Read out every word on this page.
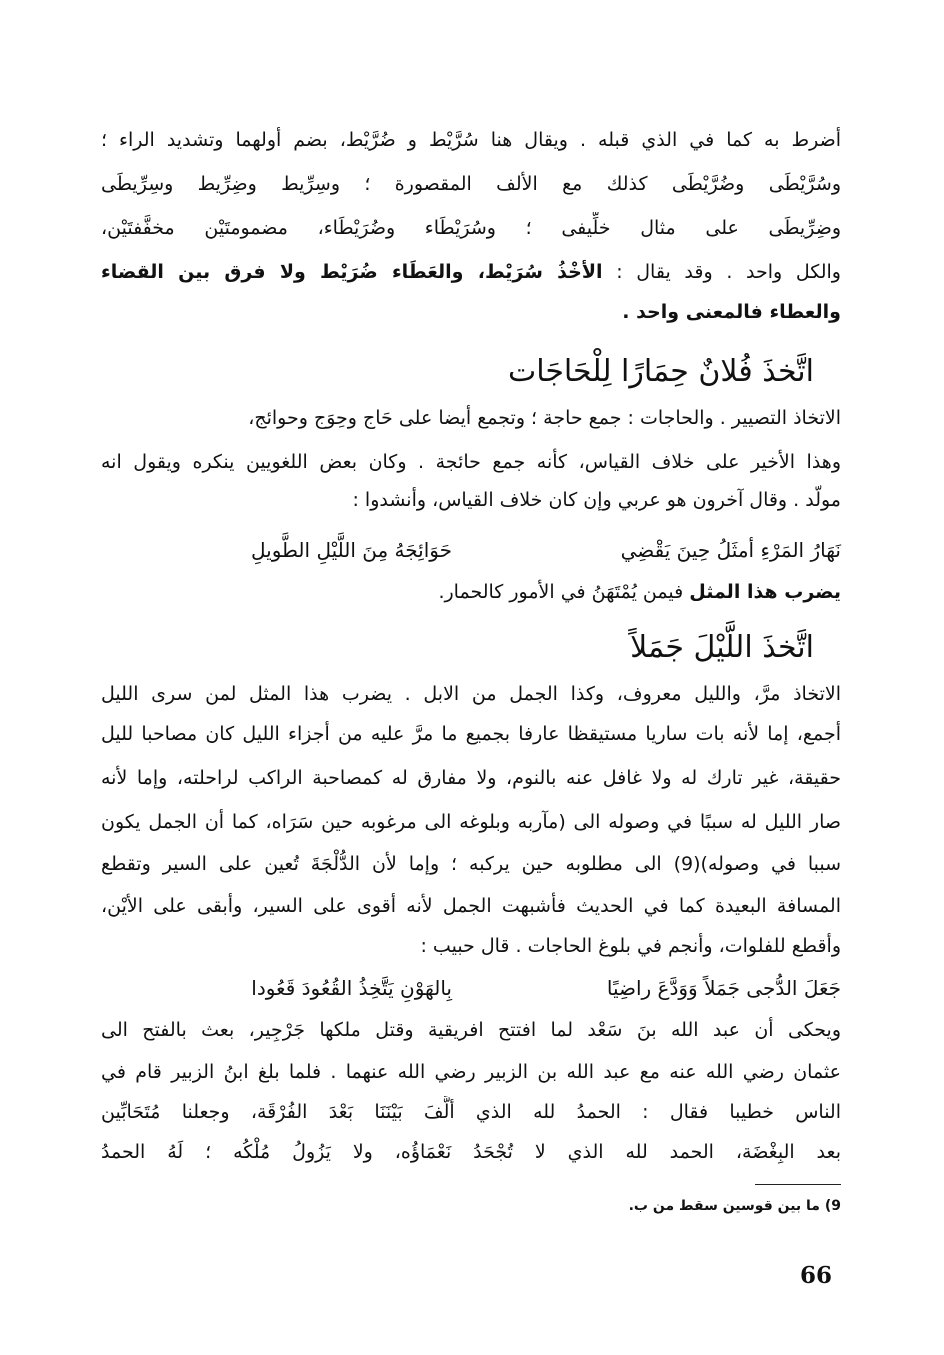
أضرط به كما في الذي قبله . ويقال هنا سُرَّيْط و ضُرَّيْط، بضم أولهما وتشديد الراء ؛
وسُرَّيْطَى وضُرَّيْطَى كذلك مع الألف المقصورة ؛ وسِرِّيط وضِرِّيط وسِرِّيطَى
وضِرِّيطَى على مثال خلِّيفى ؛ وسُرَيْطَاء وضُرَيْطَاء، مضمومتَيْن مخفَّفتَيْن،
والكل واحد . وقد يقال : الأخْذُ سُرَيْط، والعَطَاء ضُرَيْط ولا فرق بين القضاء
والعطاء فالمعنى واحد .
اتَّخذَ فُلانٌ حِمَارًا لِلْحَاجَات
الاتخاذ التصيير . والحاجات : جمع حاجة ؛ وتجمع أيضا على حَاج وحِوَج وحوائج،
وهذا الأخير على خلاف القياس، كأنه جمع حائجة . وكان بعض اللغويين ينكره ويقول انه
مولّد . وقال آخرون هو عربي وإن كان خلاف القياس، وأنشدوا :
نَهَارُ المَرْءِ أمثَلُ حِينَ يَقْضِي
حَوَائِجَهُ مِنَ اللَّيْلِ الطَّويلِ
يضرب هذا المثل فيمن يُمْتَهَنُ في الأمور كالحمار.
اتَّخذَ اللَّيْلَ جَمَلاً
الاتخاذ مرَّ، والليل معروف، وكذا الجمل من الابل . يضرب هذا المثل لمن سرى الليل
أجمع، إما لأنه بات ساريا مستيقظا عارفا بجميع ما مرَّ عليه من أجزاء الليل كان مصاحبا لليل
حقيقة، غير تارك له ولا غافل عنه بالنوم، ولا مفارق له كمصاحبة الراكب لراحلته، وإما لأنه
صار الليل له سببًا في وصوله الى (مآربه وبلوغه الى مرغوبه حين سَرَاه، كما أن الجمل يكون
سببا في وصوله)(9) الى مطلوبه حين يركبه ؛ وإما لأن الدُّلْجَةَ تُعين على السير وتقطع
المسافة البعيدة كما في الحديث فأشبهت الجمل لأنه أقوى على السير، وأبقى على الأيْن،
وأقطع للفلوات، وأنجم في بلوغ الحاجات . قال حبيب :
جَعَلَ الدُّجى جَمَلاً وَوَدَّعَ راضِيًا
بِالهَوْنِ يَتَّخِذُ القُعُودَ قَعُودا
ويحكى أن عبد الله بنَ سَعْد لما افتتح افريقية وقتل ملكها جَرْجِير، بعث بالفتح الى
عثمان رضي الله عنه مع عبد الله بن الزبير رضي الله عنهما . فلما بلغ ابنُ الزبير قام في
الناس خطيبا فقال : الحمدُ لله الذي ألَّفَ بَيْنَنَا بَعْدَ الفُرْقَة، وجعلنا مُتَحَابِّين
بعد البِغْضَة، الحمد لله الذي لا تُجْحَدُ نَعْمَاؤُه، ولا يَزُولُ مُلْكُه ؛ لَهُ الحمدُ
9) ما بين قوسين سقط من ب.
66
